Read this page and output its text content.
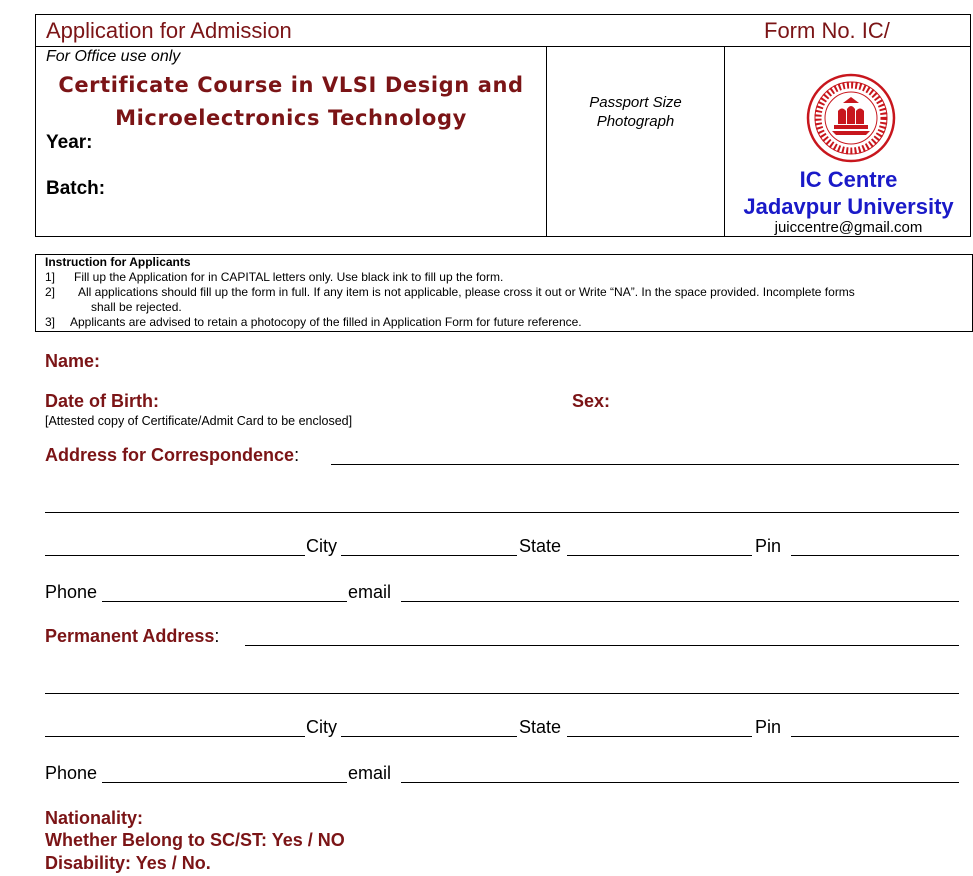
Application for Admission	Form No. IC/
For Office use only
Certificate Course in VLSI Design and
Microelectronics Technology
Year:
Batch:
Passport Size
Photograph
IC Centre
Jadavpur University
juiccentre@gmail.com
Instruction for Applicants
1] Fill up the Application for in CAPITAL letters only. Use black ink to fill up the form.
2] All applications should fill up the form in full. If any item is not applicable, please cross it out or Write “NA”. In the space provided. Incomplete forms
shall be rejected.
3] Applicants are advised to retain a photocopy of the filled in Application Form for future reference.
Name:
Date of Birth:	Sex:
[Attested copy of Certificate/Admit Card to be enclosed]
Address for Correspondence:
City	State	Pin
Phone	email
Permanent Address:
City	State	Pin
Phone	email
Nationality:
Whether Belong to SC/ST: Yes / NO
Disability: Yes / No.
